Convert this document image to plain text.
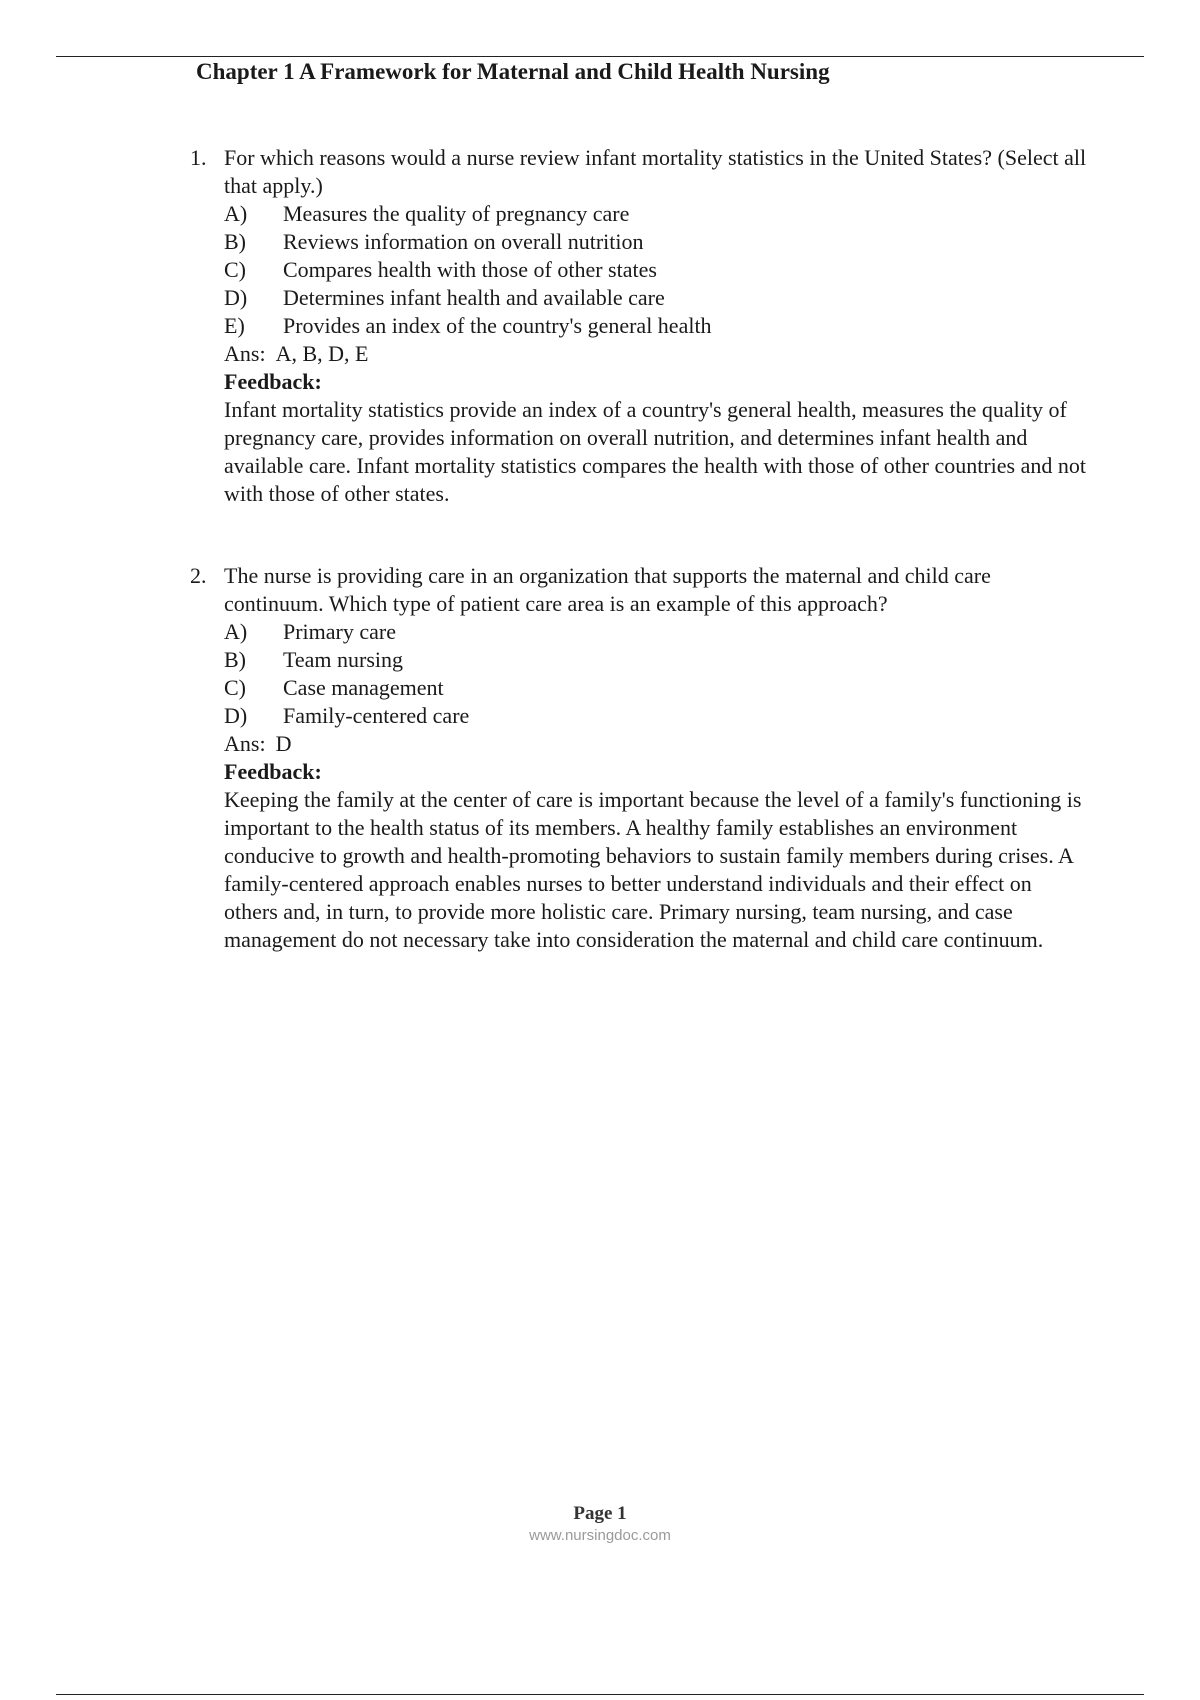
Chapter 1 A Framework for Maternal and Child Health Nursing
1. For which reasons would a nurse review infant mortality statistics in the United States? (Select all that apply.)
A)	Measures the quality of pregnancy care
B)	Reviews information on overall nutrition
C)	Compares health with those of other states
D)	Determines infant health and available care
E)	Provides an index of the country's general health
Ans: A, B, D, E
Feedback:
Infant mortality statistics provide an index of a country's general health, measures the quality of pregnancy care, provides information on overall nutrition, and determines infant health and available care. Infant mortality statistics compares the health with those of other countries and not with those of other states.
2. The nurse is providing care in an organization that supports the maternal and child care continuum. Which type of patient care area is an example of this approach?
A)	Primary care
B)	Team nursing
C)	Case management
D)	Family-centered care
Ans: D
Feedback:
Keeping the family at the center of care is important because the level of a family's functioning is important to the health status of its members. A healthy family establishes an environment conducive to growth and health-promoting behaviors to sustain family members during crises. A family-centered approach enables nurses to better understand individuals and their effect on others and, in turn, to provide more holistic care. Primary nursing, team nursing, and case management do not necessary take into consideration the maternal and child care continuum.
Page 1
www.nursingdoc.com
